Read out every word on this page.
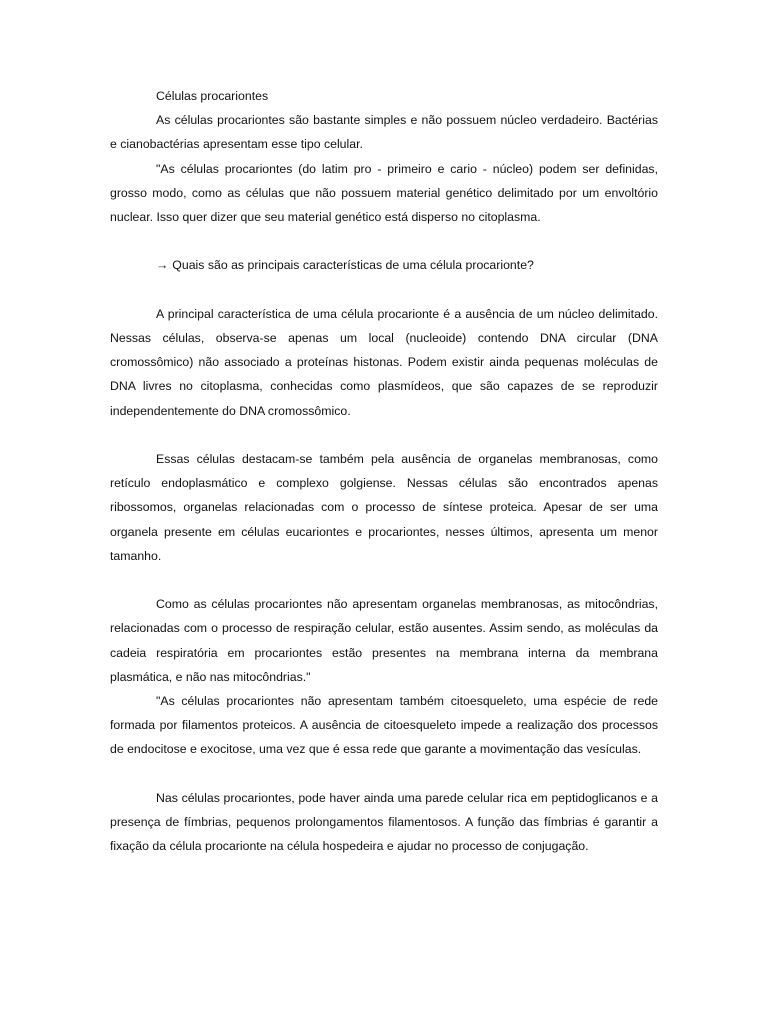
Células procariontes

As células procariontes são bastante simples e não possuem núcleo verdadeiro. Bactérias e cianobactérias apresentam esse tipo celular.

"As células procariontes (do latim pro - primeiro e cario - núcleo) podem ser definidas, grosso modo, como as células que não possuem material genético delimitado por um envoltório nuclear. Isso quer dizer que seu material genético está disperso no citoplasma.

→ Quais são as principais características de uma célula procarionte?

A principal característica de uma célula procarionte é a ausência de um núcleo delimitado. Nessas células, observa-se apenas um local (nucleoide) contendo DNA circular (DNA cromossômico) não associado a proteínas histonas. Podem existir ainda pequenas moléculas de DNA livres no citoplasma, conhecidas como plasmídeos, que são capazes de se reproduzir independentemente do DNA cromossômico.

Essas células destacam-se também pela ausência de organelas membranosas, como retículo endoplasmático e complexo golgiense. Nessas células são encontrados apenas ribossomos, organelas relacionadas com o processo de síntese proteica. Apesar de ser uma organela presente em células eucariontes e procariontes, nesses últimos, apresenta um menor tamanho.

Como as células procariontes não apresentam organelas membranosas, as mitocôndrias, relacionadas com o processo de respiração celular, estão ausentes. Assim sendo, as moléculas da cadeia respiratória em procariontes estão presentes na membrana interna da membrana plasmática, e não nas mitocôndrias."

"As células procariontes não apresentam também citoesqueleto, uma espécie de rede formada por filamentos proteicos. A ausência de citoesqueleto impede a realização dos processos de endocitose e exocitose, uma vez que é essa rede que garante a movimentação das vesículas.

Nas células procariontes, pode haver ainda uma parede celular rica em peptidoglicanos e a presença de fímbrias, pequenos prolongamentos filamentosos. A função das fímbrias é garantir a fixação da célula procarionte na célula hospedeira e ajudar no processo de conjugação.
